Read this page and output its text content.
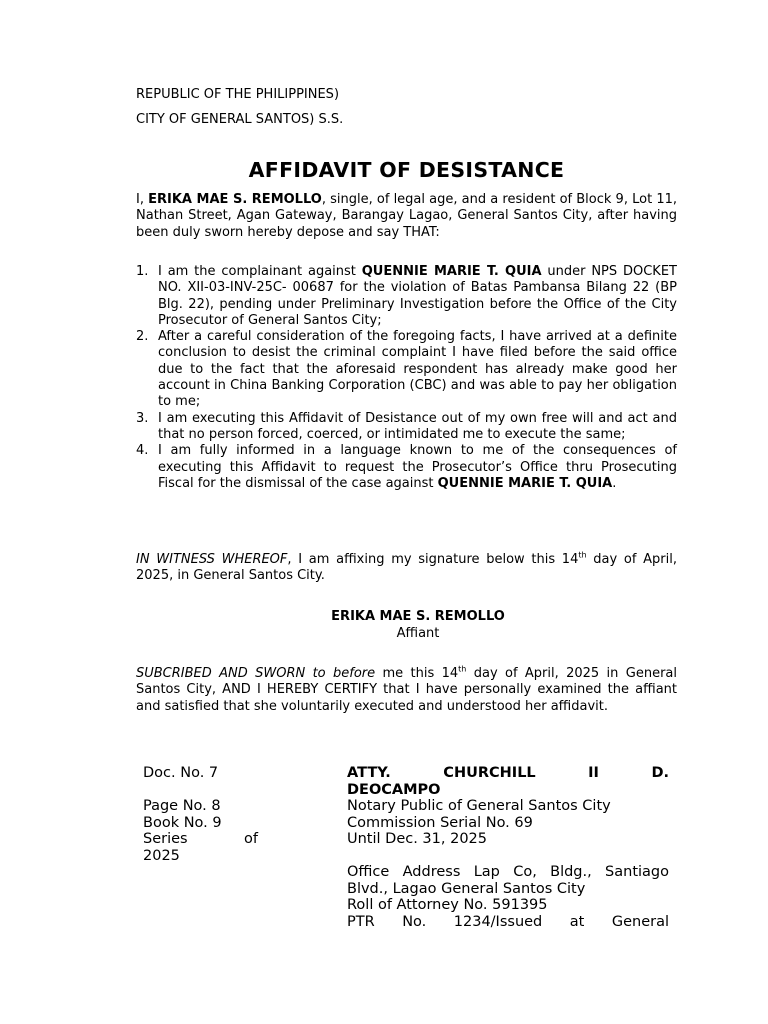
REPUBLIC OF THE PHILIPPINES)
CITY OF GENERAL SANTOS) S.S.
AFFIDAVIT OF DESISTANCE

I, ERIKA MAE S. REMOLLO, single, of legal age, and a resident of Block 9, Lot 11, Nathan Street, Agan Gateway, Barangay Lagao, General Santos City, after having been duly sworn hereby depose and say THAT:

1. I am the complainant against QUENNIE MARIE T. QUIA under NPS DOCKET NO. XII-03-INV-25C- 00687 for the violation of Batas Pambansa Bilang 22 (BP Blg. 22), pending under Preliminary Investigation before the Office of the City Prosecutor of General Santos City;
2. After a careful consideration of the foregoing facts, I have arrived at a definite conclusion to desist the criminal complaint I have filed before the said office due to the fact that the aforesaid respondent has already make good her account in China Banking Corporation (CBC) and was able to pay her obligation to me;
3. I am executing this Affidavit of Desistance out of my own free will and act and that no person forced, coerced, or intimidated me to execute the same;
4. I am fully informed in a language known to me of the consequences of executing this Affidavit to request the Prosecutor’s Office thru Prosecuting Fiscal for the dismissal of the case against QUENNIE MARIE T. QUIA.

IN WITNESS WHEREOF, I am affixing my signature below this 14th day of April, 2025, in General Santos City.

ERIKA MAE S. REMOLLO
Affiant

SUBCRIBED AND SWORN to before me this 14th day of April, 2025 in General Santos City, AND I HEREBY CERTIFY that I have personally examined the affiant and satisfied that she voluntarily executed and understood her affidavit.

Doc. No. 7
Page No. 8
Book No. 9
Series of
2025
ATTY. CHURCHILL II D.
DEOCAMPO
Notary Public of General Santos City
Commission Serial No. 69
Until Dec. 31, 2025
Office Address Lap Co, Bldg., Santiago Blvd., Lagao General Santos City
Roll of Attorney No. 591395
PTR No. 1234/Issued at General
